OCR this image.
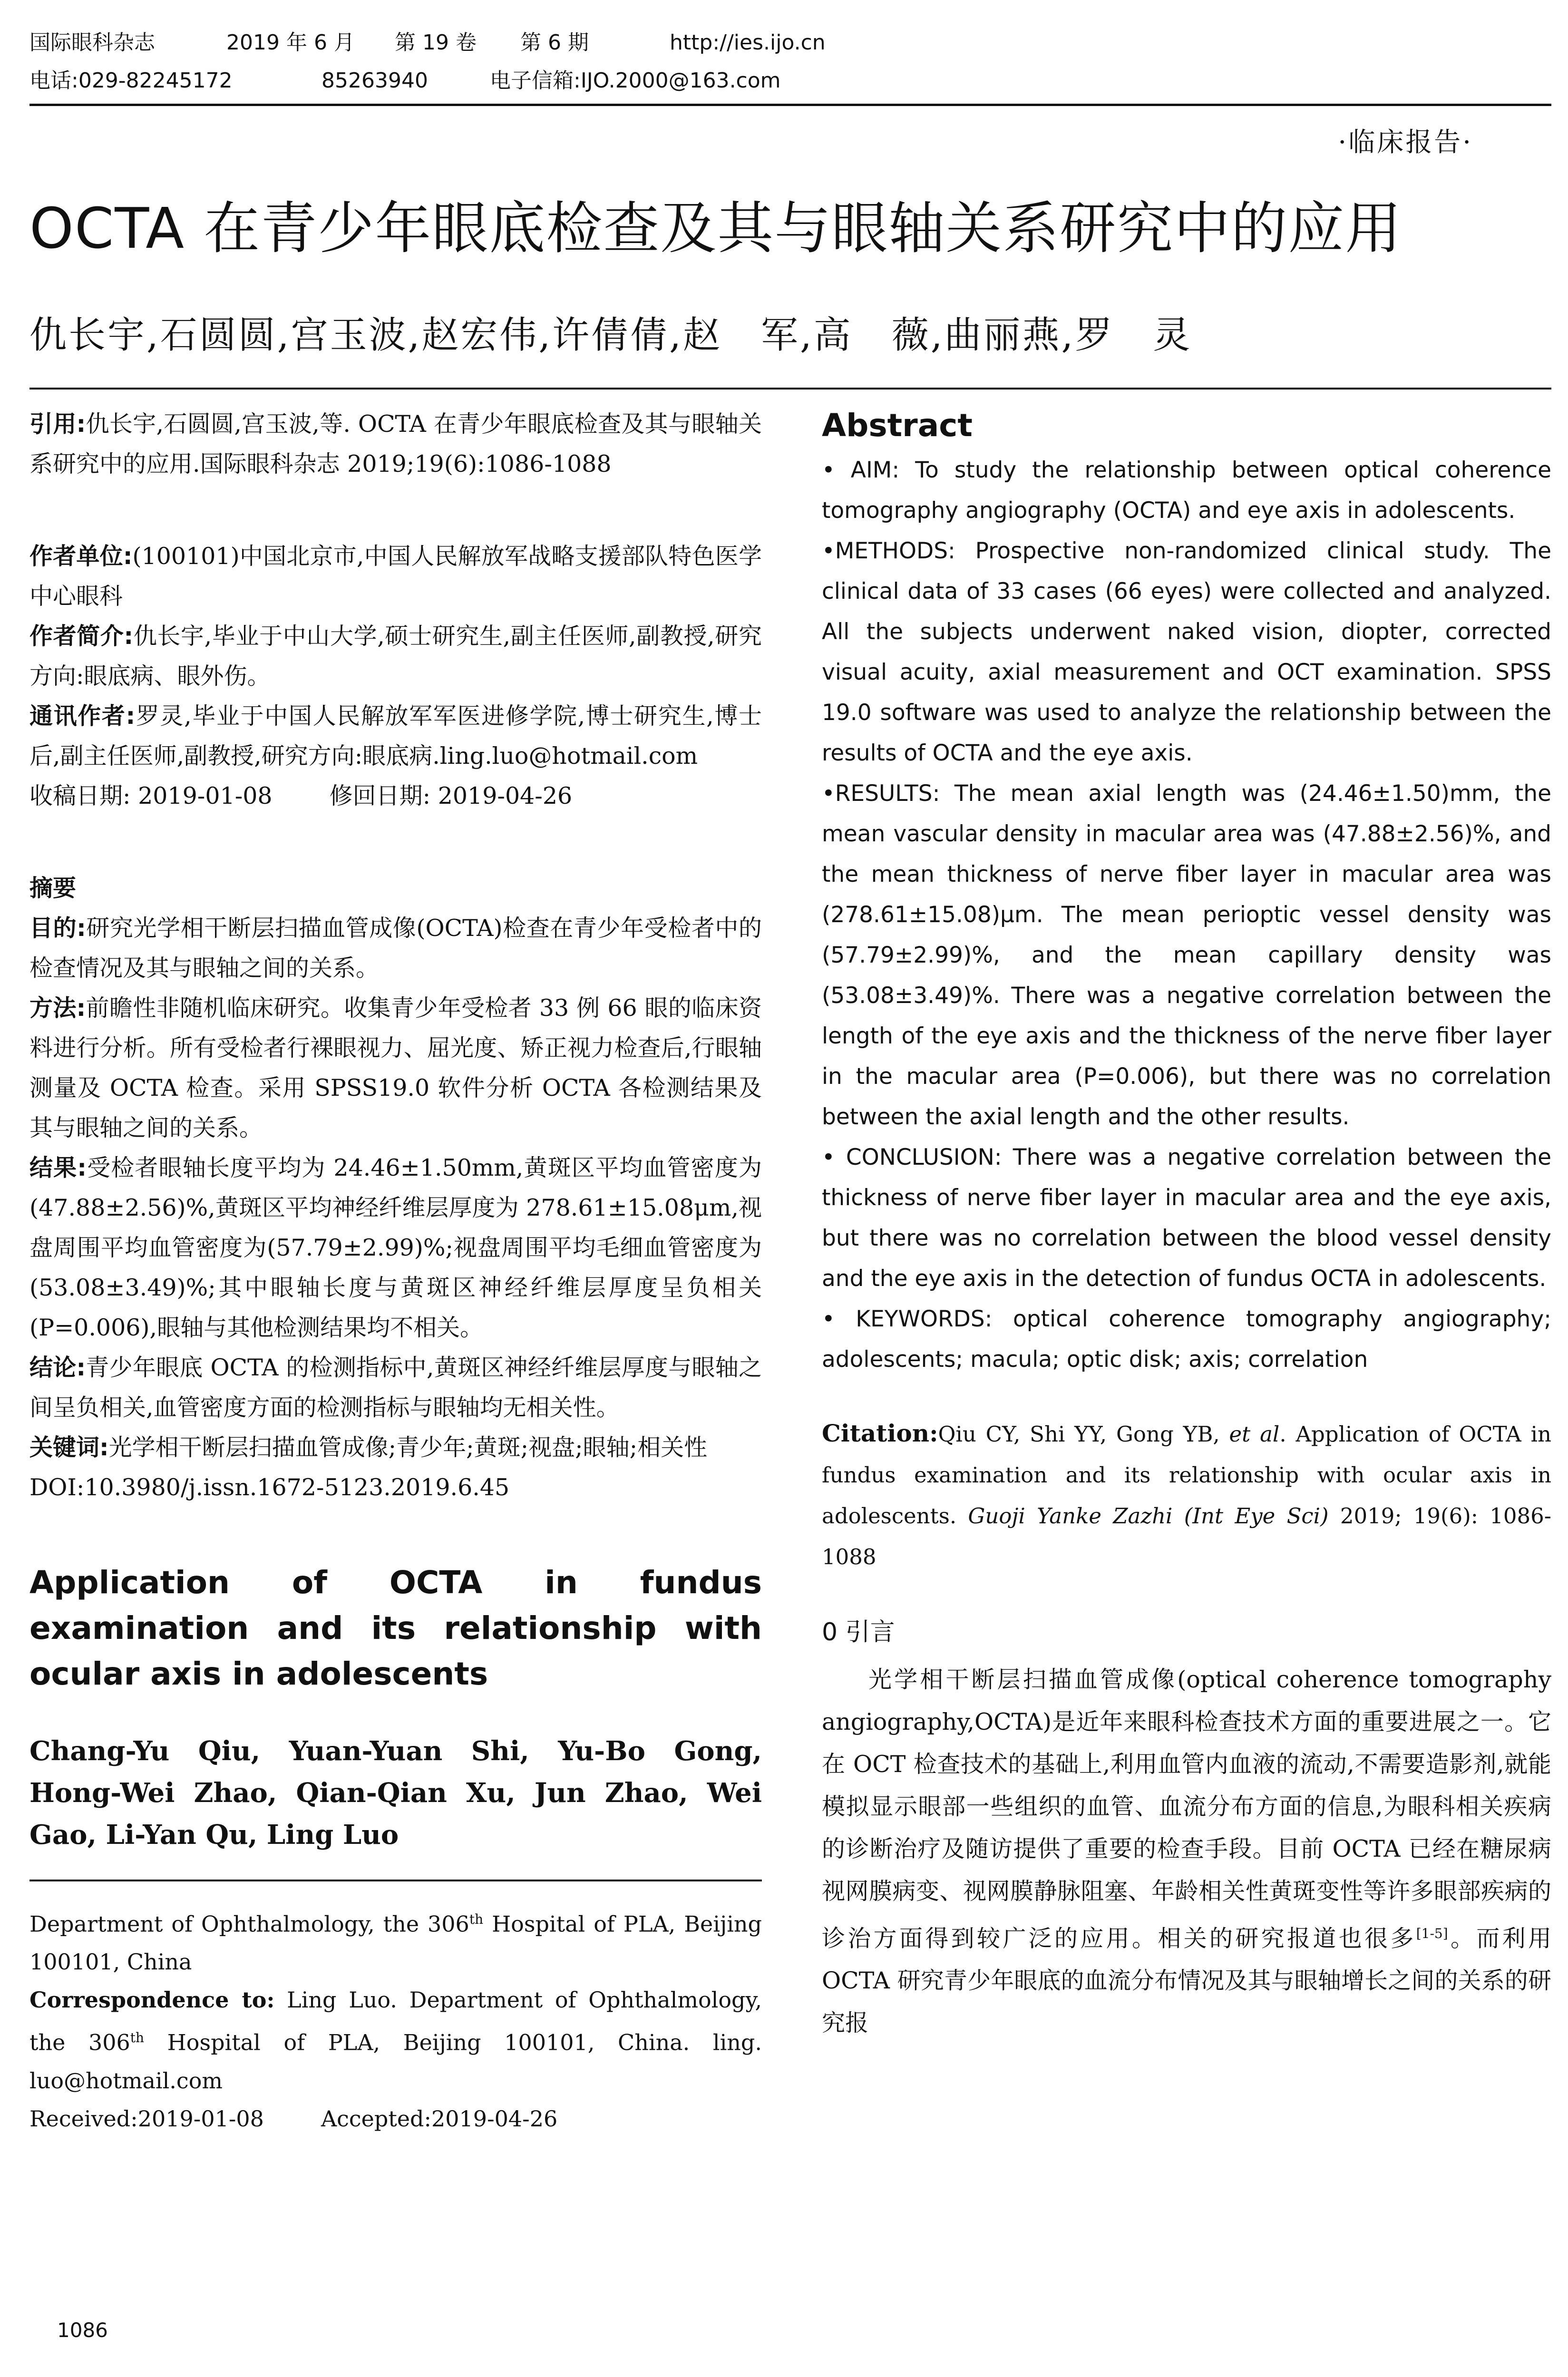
国际眼科杂志	2019 年 6 月 第 19 卷 第 6 期	http://ies.ijo.cn
电话:029-82245172	85263940	电子信箱:IJO.2000@163.com
·临床报告·
OCTA 在青少年眼底检查及其与眼轴关系研究中的应用
仇长宇,石圆圆,宫玉波,赵宏伟,许倩倩,赵　军,高　薇,曲丽燕,罗　灵

引用:仇长宇,石圆圆,宫玉波,等. OCTA 在青少年眼底检查及其与眼轴关系研究中的应用.国际眼科杂志 2019;19(6):1086-1088

作者单位:(100101)中国北京市,中国人民解放军战略支援部队特色医学中心眼科

作者简介:仇长宇,毕业于中山大学,硕士研究生,副主任医师,副教授,研究方向:眼底病、眼外伤。

通讯作者:罗灵,毕业于中国人民解放军军医进修学院,博士研究生,博士后,副主任医师,副教授,研究方向:眼底病.ling.luo@hotmail.com

收稿日期: 2019-01-08 修回日期: 2019-04-26

摘要

目的:研究光学相干断层扫描血管成像(OCTA)检查在青少年受检者中的检查情况及其与眼轴之间的关系。

方法:前瞻性非随机临床研究。收集青少年受检者 33 例 66 眼的临床资料进行分析。所有受检者行裸眼视力、屈光度、矫正视力检查后,行眼轴测量及 OCTA 检查。采用 SPSS19.0 软件分析 OCTA 各检测结果及其与眼轴之间的关系。

结果:受检者眼轴长度平均为 24.46±1.50mm,黄斑区平均血管密度为(47.88±2.56)%,黄斑区平均神经纤维层厚度为 278.61±15.08μm,视盘周围平均血管密度为(57.79±2.99)%;视盘周围平均毛细血管密度为(53.08±3.49)%;其中眼轴长度与黄斑区神经纤维层厚度呈负相关(P=0.006),眼轴与其他检测结果均不相关。

结论:青少年眼底 OCTA 的检测指标中,黄斑区神经纤维层厚度与眼轴之间呈负相关,血管密度方面的检测指标与眼轴均无相关性。

关键词:光学相干断层扫描血管成像;青少年;黄斑;视盘;眼轴;相关性

DOI:10.3980/j.issn.1672-5123.2019.6.45

Application of OCTA in fundus examination and its relationship with ocular axis in adolescents

Chang-Yu Qiu, Yuan-Yuan Shi, Yu-Bo Gong, Hong-Wei Zhao, Qian-Qian Xu, Jun Zhao, Wei Gao, Li-Yan Qu, Ling Luo

Department of Ophthalmology, the 306th Hospital of PLA, Beijing 100101, China

Correspondence to: Ling Luo. Department of Ophthalmology, the 306th Hospital of PLA, Beijing 100101, China. ling. luo@hotmail.com

Received:2019-01-08	Accepted:2019-04-26

Abstract

• AIM: To study the relationship between optical coherence tomography angiography (OCTA) and eye axis in adolescents.

•METHODS: Prospective non-randomized clinical study. The clinical data of 33 cases (66 eyes) were collected and analyzed. All the subjects underwent naked vision, diopter, corrected visual acuity, axial measurement and OCT examination. SPSS 19.0 software was used to analyze the relationship between the results of OCTA and the eye axis.

•RESULTS: The mean axial length was (24.46±1.50)mm, the mean vascular density in macular area was (47.88±2.56)%, and the mean thickness of nerve fiber layer in macular area was (278.61±15.08)μm. The mean perioptic vessel density was (57.79±2.99)%, and the mean capillary density was (53.08±3.49)%. There was a negative correlation between the length of the eye axis and the thickness of the nerve fiber layer in the macular area (P=0.006), but there was no correlation between the axial length and the other results.

• CONCLUSION: There was a negative correlation between the thickness of nerve fiber layer in macular area and the eye axis, but there was no correlation between the blood vessel density and the eye axis in the detection of fundus OCTA in adolescents.

• KEYWORDS: optical coherence tomography angiography; adolescents; macula; optic disk; axis; correlation

Citation:Qiu CY, Shi YY, Gong YB, et al. Application of OCTA in fundus examination and its relationship with ocular axis in adolescents. Guoji Yanke Zazhi (Int Eye Sci) 2019; 19(6): 1086-1088

0 引言

光学相干断层扫描血管成像(optical coherence tomography angiography,OCTA)是近年来眼科检查技术方面的重要进展之一。它在 OCT 检查技术的基础上,利用血管内血液的流动,不需要造影剂,就能模拟显示眼部一些组织的血管、血流分布方面的信息,为眼科相关疾病的诊断治疗及随访提供了重要的检查手段。目前 OCTA 已经在糖尿病视网膜病变、视网膜静脉阻塞、年龄相关性黄斑变性等许多眼部疾病的诊治方面得到较广泛的应用。相关的研究报道也很多[1-5]。而利用 OCTA 研究青少年眼底的血流分布情况及其与眼轴增长之间的关系的研究报

1086
